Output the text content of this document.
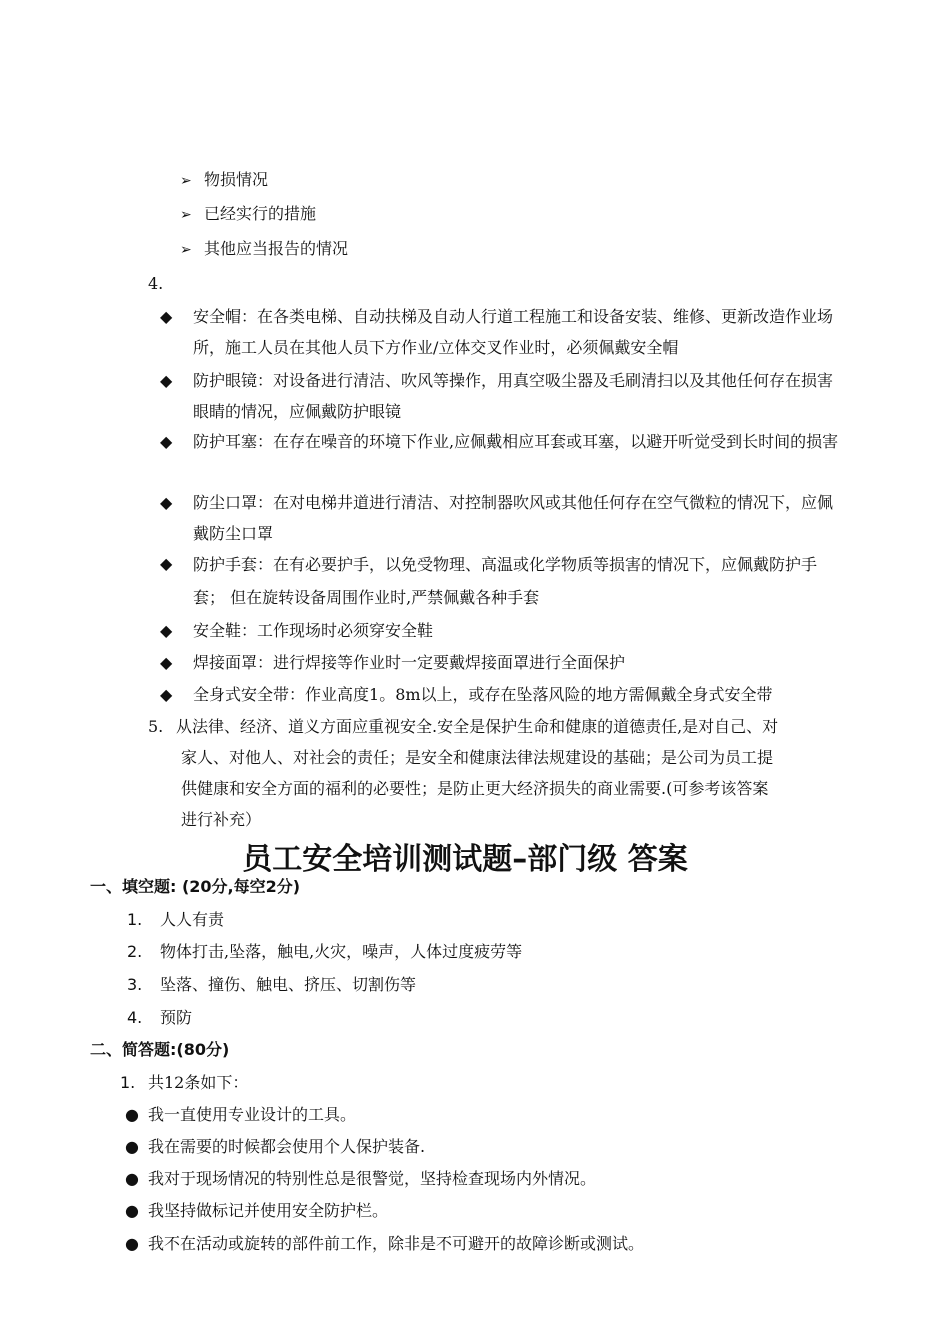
➢ 物损情况
➢ 已经实行的措施
➢ 其他应当报告的情况
4.
◆	安全帽：在各类电梯、自动扶梯及自动人行道工程施工和设备安装、维修、更新改造作业场所，施工人员在其他人员下方作业/立体交叉作业时，必须佩戴安全帽
◆	防护眼镜：对设备进行清洁、吹风等操作，用真空吸尘器及毛刷清扫以及其他任何存在损害眼睛的情况，应佩戴防护眼镜
◆	防护耳塞：在存在噪音的环境下作业,应佩戴相应耳套或耳塞，以避开听觉受到长时间的损害
◆	防尘口罩：在对电梯井道进行清洁、对控制器吹风或其他任何存在空气微粒的情况下，应佩戴防尘口罩
◆	防护手套：在有必要护手，以免受物理、高温或化学物质等损害的情况下，应佩戴防护手套； 但在旋转设备周围作业时,严禁佩戴各种手套
◆	安全鞋：工作现场时必须穿安全鞋
◆	焊接面罩：进行焊接等作业时一定要戴焊接面罩进行全面保护
◆	全身式安全带：作业高度1。8m以上，或存在坠落风险的地方需佩戴全身式安全带
5. 从法律、经济、道义方面应重视安全.安全是保护生命和健康的道德责任,是对自己、对
家人、对他人、对社会的责任；是安全和健康法律法规建设的基础；是公司为员工提
供健康和安全方面的福利的必要性；是防止更大经济损失的商业需要.(可参考该答案
进行补充）
员工安全培训测试题–部门级 答案
一、填空题: (20分,每空2分)
1. 人人有责
2. 物体打击,坠落，触电,火灾，噪声，人体过度疲劳等
3. 坠落、撞伤、触电、挤压、切割伤等
4. 预防
二、简答题:(80分)
1. 共12条如下：
● 我一直使用专业设计的工具。
● 我在需要的时候都会使用个人保护装备.
● 我对于现场情况的特别性总是很警觉，坚持检查现场内外情况。
● 我坚持做标记并使用安全防护栏。
● 我不在活动或旋转的部件前工作，除非是不可避开的故障诊断或测试。
